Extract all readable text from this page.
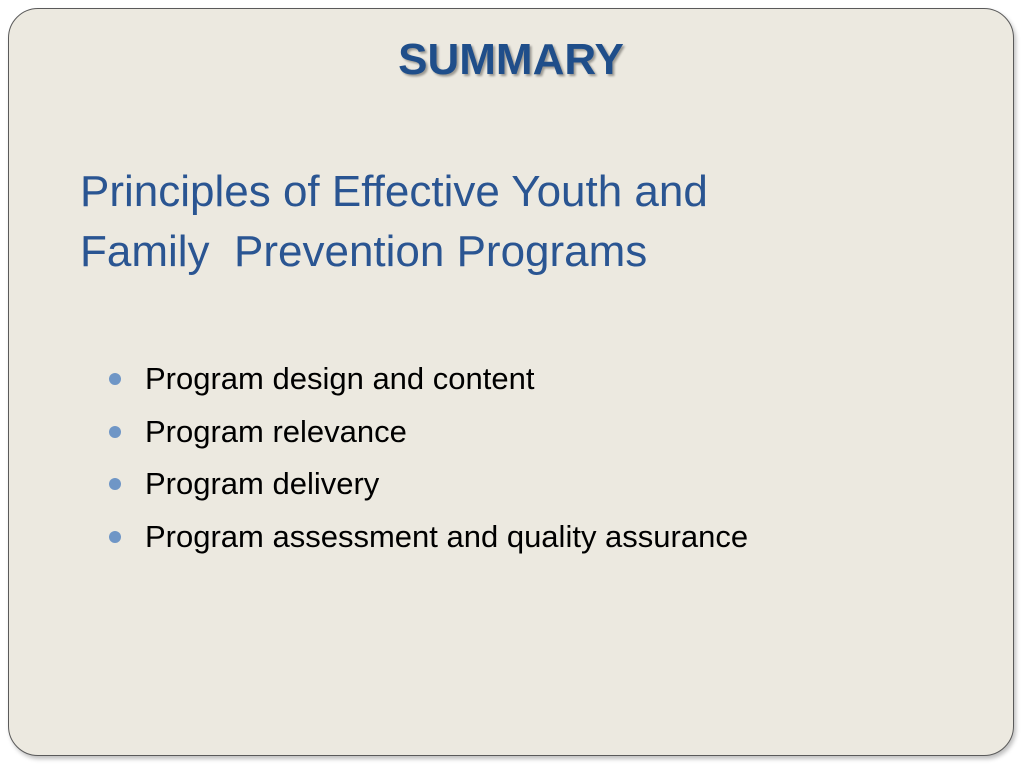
SUMMARY
Principles of Effective Youth and
Family  Prevention Programs
Program design and content
Program relevance
Program delivery
Program assessment and quality assurance
